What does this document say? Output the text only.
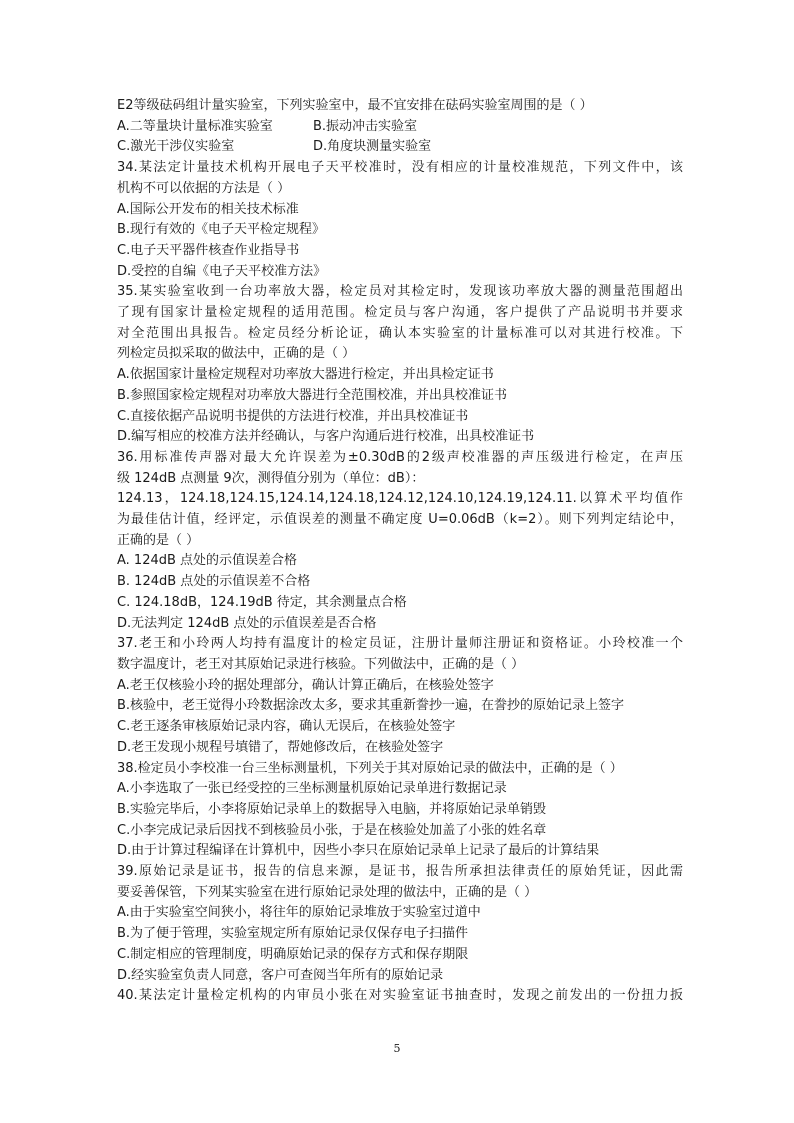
E2等级砝码组计量实验室，下列实验室中，最不宜安排在砝码实验室周围的是（ ）
A.二等量块计量标准实验室	B.振动冲击实验室
C.激光干涉仪实验室	D.角度块测量实验室
34.某法定计量技术机构开展电子天平校准时，没有相应的计量校准规范，下列文件中，该
机构不可以依据的方法是（ ）
A.国际公开发布的相关技术标准
B.现行有效的《电子天平检定规程》
C.电子天平器件核查作业指导书
D.受控的自编《电子天平校准方法》
35.某实验室收到一台功率放大器，检定员对其检定时，发现该功率放大器的测量范围超出
了现有国家计量检定规程的适用范围。检定员与客户沟通，客户提供了产品说明书并要求
对全范围出具报告。检定员经分析论证，确认本实验室的计量标准可以对其进行校准。下
列检定员拟采取的做法中，正确的是（ ）
A.依据国家计量检定规程对功率放大器进行检定，并出具检定证书
B.参照国家检定规程对功率放大器进行全范围校准，并出具校准证书
C.直接依据产品说明书提供的方法进行校准，并出具校准证书
D.编写相应的校准方法并经确认，与客户沟通后进行校准，出具校准证书
36.用标准传声器对最大允许误差为±0.30dB的2级声校准器的声压级进行检定，在声压
级 124dB 点测量 9次，测得值分别为（单位：dB）：
124.13，124.18,124.15,124.14,124.18,124.12,124.10,124.19,124.11.以算术平均值作
为最佳估计值，经评定，示值误差的测量不确定度 U=0.06dB（k=2）。则下列判定结论中，
正确的是（ ）
A. 124dB 点处的示值误差合格
B. 124dB 点处的示值误差不合格
C. 124.18dB，124.19dB 待定，其余测量点合格
D.无法判定 124dB 点处的示值误差是否合格
37.老王和小玲两人均持有温度计的检定员证，注册计量师注册证和资格证。小玲校准一个
数字温度计，老王对其原始记录进行核验。下列做法中，正确的是（ ）
A.老王仅核验小玲的据处理部分，确认计算正确后，在核验处签字
B.核验中，老王觉得小玲数据涂改太多，要求其重新誊抄一遍，在誊抄的原始记录上签字
C.老王逐条审核原始记录内容，确认无误后，在核验处签字
D.老王发现小规程号填错了，帮她修改后，在核验处签字
38.检定员小李校准一台三坐标测量机，下列关于其对原始记录的做法中，正确的是（ ）
A.小李选取了一张已经受控的三坐标测量机原始记录单进行数据记录
B.实验完毕后，小李将原始记录单上的数据导入电脑，并将原始记录单销毁
C.小李完成记录后因找不到核验员小张，于是在核验处加盖了小张的姓名章
D.由于计算过程编译在计算机中，因些小李只在原始记录单上记录了最后的计算结果
39.原始记录是证书，报告的信息来源，是证书，报告所承担法律责任的原始凭证，因此需
要妥善保管，下列某实验室在进行原始记录处理的做法中，正确的是（ ）
A.由于实验室空间狭小，将往年的原始记录堆放于实验室过道中
B.为了便于管理，实验室规定所有原始记录仅保存电子扫描件
C.制定相应的管理制度，明确原始记录的保存方式和保存期限
D.经实验室负责人同意，客户可查阅当年所有的原始记录
40.某法定计量检定机构的内审员小张在对实验室证书抽查时，发现之前发出的一份扭力扳
5
